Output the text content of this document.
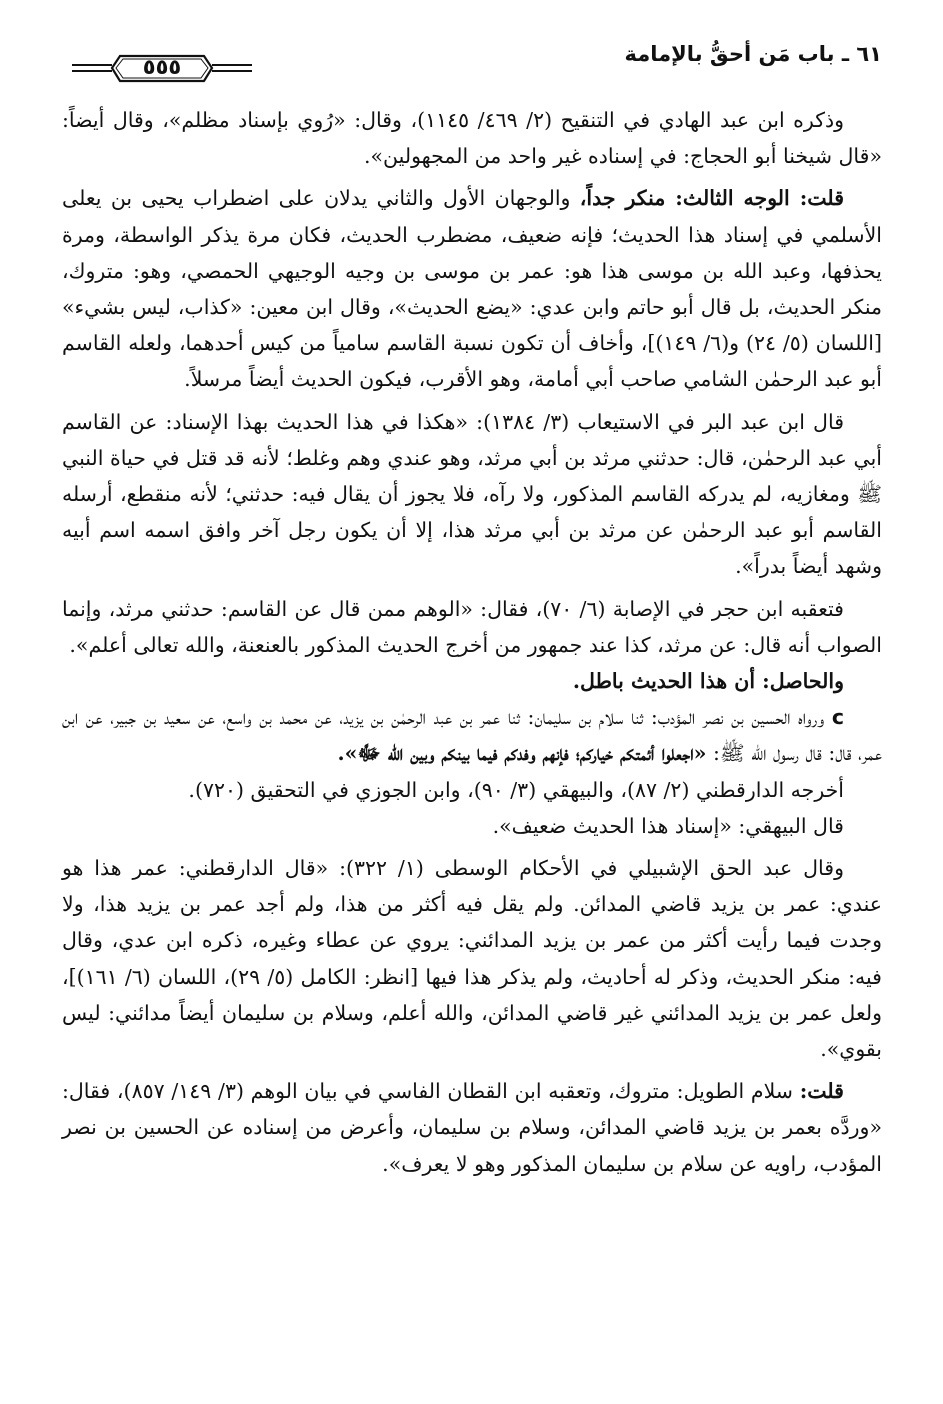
٦١ ـ باب مَن أحقُّ بالإمامة
٥٥٥

وذكره ابن عبد الهادي في التنقيح (٢/ ٤٦٩/ ١١٤٥)، وقال: «رُوي بإسناد مظلم»، وقال أيضاً: «قال شيخنا أبو الحجاج: في إسناده غير واحد من المجهولين».

قلت: الوجه الثالث: منكر جداً، والوجهان الأول والثاني يدلان على اضطراب يحيى بن يعلى الأسلمي في إسناد هذا الحديث؛ فإنه ضعيف، مضطرب الحديث، فكان مرة يذكر الواسطة، ومرة يحذفها، وعبد الله بن موسى هذا هو: عمر بن موسى بن وجيه الوجيهي الحمصي، وهو: متروك، منكر الحديث، بل قال أبو حاتم وابن عدي: «يضع الحديث»، وقال ابن معين: «كذاب، ليس بشيء» [اللسان (٥/ ٢٤) و(٦/ ١٤٩)]، وأخاف أن تكون نسبة القاسم سامياً من كيس أحدهما، ولعله القاسم أبو عبد الرحمٰن الشامي صاحب أبي أمامة، وهو الأقرب، فيكون الحديث أيضاً مرسلاً.

قال ابن عبد البر في الاستيعاب (٣/ ١٣٨٤): «هكذا في هذا الحديث بهذا الإسناد: عن القاسم أبي عبد الرحمٰن، قال: حدثني مرثد بن أبي مرثد، وهو عندي وهم وغلط؛ لأنه قد قتل في حياة النبي ﷺ ومغازيه، لم يدركه القاسم المذكور، ولا رآه، فلا يجوز أن يقال فيه: حدثني؛ لأنه منقطع، أرسله القاسم أبو عبد الرحمٰن عن مرثد بن أبي مرثد هذا، إلا أن يكون رجل آخر وافق اسمه اسم أبيه وشهد أيضاً بدراً».

فتعقبه ابن حجر في الإصابة (٦/ ٧٠)، فقال: «الوهم ممن قال عن القاسم: حدثني مرثد، وإنما الصواب أنه قال: عن مرثد، كذا عند جمهور من أخرج الحديث المذكور بالعنعنة، والله تعالى أعلم».

والحاصل: أن هذا الحديث باطل.

c ورواه الحسين بن نصر المؤدب: ثنا سلام بن سليمان: ثنا عمر بن عبد الرحمٰن بن يزيد، عن محمد بن واسع، عن سعيد بن جبير، عن ابن عمر، قال: قال رسول الله ﷺ: «اجعلوا أئمتكم خياركم؛ فإنهم وفدكم فيما بينكم وبين الله ﷻ».

أخرجه الدارقطني (٢/ ٨٧)، والبيهقي (٣/ ٩٠)، وابن الجوزي في التحقيق (٧٢٠).

قال البيهقي: «إسناد هذا الحديث ضعيف».

وقال عبد الحق الإشبيلي في الأحكام الوسطى (١/ ٣٢٢): «قال الدارقطني: عمر هذا هو عندي: عمر بن يزيد قاضي المدائن. ولم يقل فيه أكثر من هذا، ولم أجد عمر بن يزيد هذا، ولا وجدت فيما رأيت أكثر من عمر بن يزيد المدائني: يروي عن عطاء وغيره، ذكره ابن عدي، وقال فيه: منكر الحديث، وذكر له أحاديث، ولم يذكر هذا فيها [انظر: الكامل (٥/ ٢٩)، اللسان (٦/ ١٦١)]، ولعل عمر بن يزيد المدائني غير قاضي المدائن، والله أعلم، وسلام بن سليمان أيضاً مدائني: ليس بقوي».

قلت: سلام الطويل: متروك، وتعقبه ابن القطان الفاسي في بيان الوهم (٣/ ١٤٩/ ٨٥٧)، فقال: «وردَّه بعمر بن يزيد قاضي المدائن، وسلام بن سليمان، وأعرض من إسناده عن الحسين بن نصر المؤدب، راويه عن سلام بن سليمان المذكور وهو لا يعرف».
